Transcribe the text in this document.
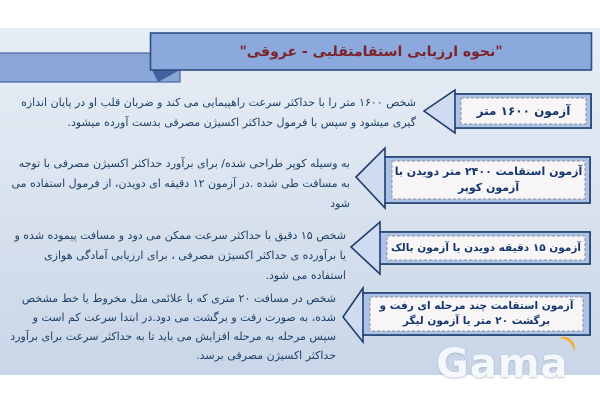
"نحوه ارزیابی استقامتقلبی - عروقی"
شخص ۱۶۰۰ متر را با حداکثر سرعت راهپیمایی می کند و ضربان قلب او در پایان اندازه گیری میشود و سپس با فرمول حداکثر اکسیژن مصرفی بدست آورده میشود.
آزمون ۱۶۰۰ متر
به وسیله کوپر طراحی شده/ برای برآورد حداکثر اکسیژن مصرفی با توجه به مسافت طی شده .در آزمون ۱۲ دقیقه ای دویدن، از فرمول استفاده می شود
آزمون استقامت ۲۴۰۰ متر دویدن با آزمون کوپر
شخص ۱۵ دقیق با حداکثر سرعت ممکن می دود و مسافت پیموده شده و یا برآورده ی حداکثر اکسیژن مصرفی ، برای ارزیابی آمادگی هوازی استفاده می شود.
آزمون ۱۵ دقیقه دویدن یا آزمون بالک
شخص در مسافت ۲۰ متری که با علائمی مثل مخروط یا خط مشخص شده، به صورت رفت و برگشت می دود.در ابتدا سرعت کم است و سپس مرحله به مرحله افزایش می باید تا به حداکثر سرعت برای برآورد حداکثر اکسیژن مصرفی برسد.
آزمون استقامت چند مرحله ای رفت و برگشت ۲۰ متر یا آزمون لیگر
Gama
